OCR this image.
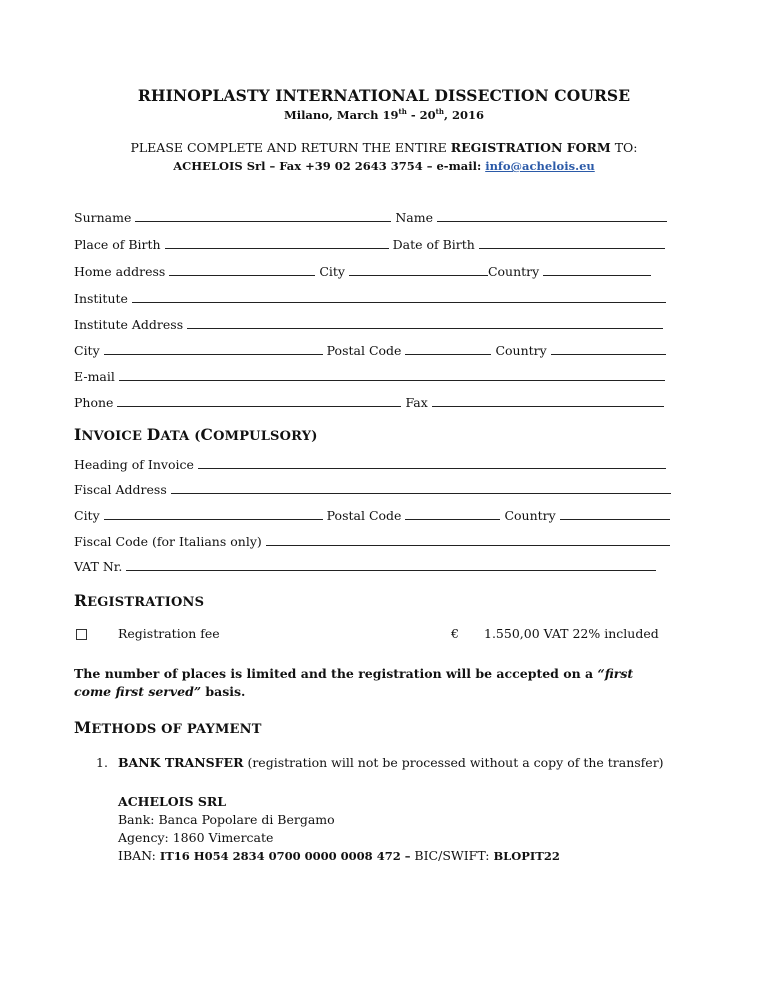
RHINOPLASTY INTERNATIONAL DISSECTION COURSE
Milano, March 19th - 20th, 2016
PLEASE COMPLETE AND RETURN THE ENTIRE REGISTRATION FORM TO:
ACHELOIS Srl – Fax +39 02 2643 3754 – e-mail: info@achelois.eu
Surname	Name
Place of Birth	Date of Birth
Home address	City	Country
Institute
Institute Address
City	Postal Code	Country
E-mail
Phone	Fax
INVOICE DATA (COMPULSORY)
Heading of Invoice
Fiscal Address
City	Postal Code	Country
Fiscal Code (for Italians only)
VAT Nr.
REGISTRATIONS
Registration fee	€ 1.550,00 VAT 22% included
The number of places is limited and the registration will be accepted on a “first come first served” basis.
METHODS OF PAYMENT
1. BANK TRANSFER (registration will not be processed without a copy of the transfer)
ACHELOIS SRL
Bank: Banca Popolare di Bergamo
Agency: 1860 Vimercate
IBAN: IT16 H054 2834 0700 0000 0008 472 – BIC/SWIFT: BLOPIT22
